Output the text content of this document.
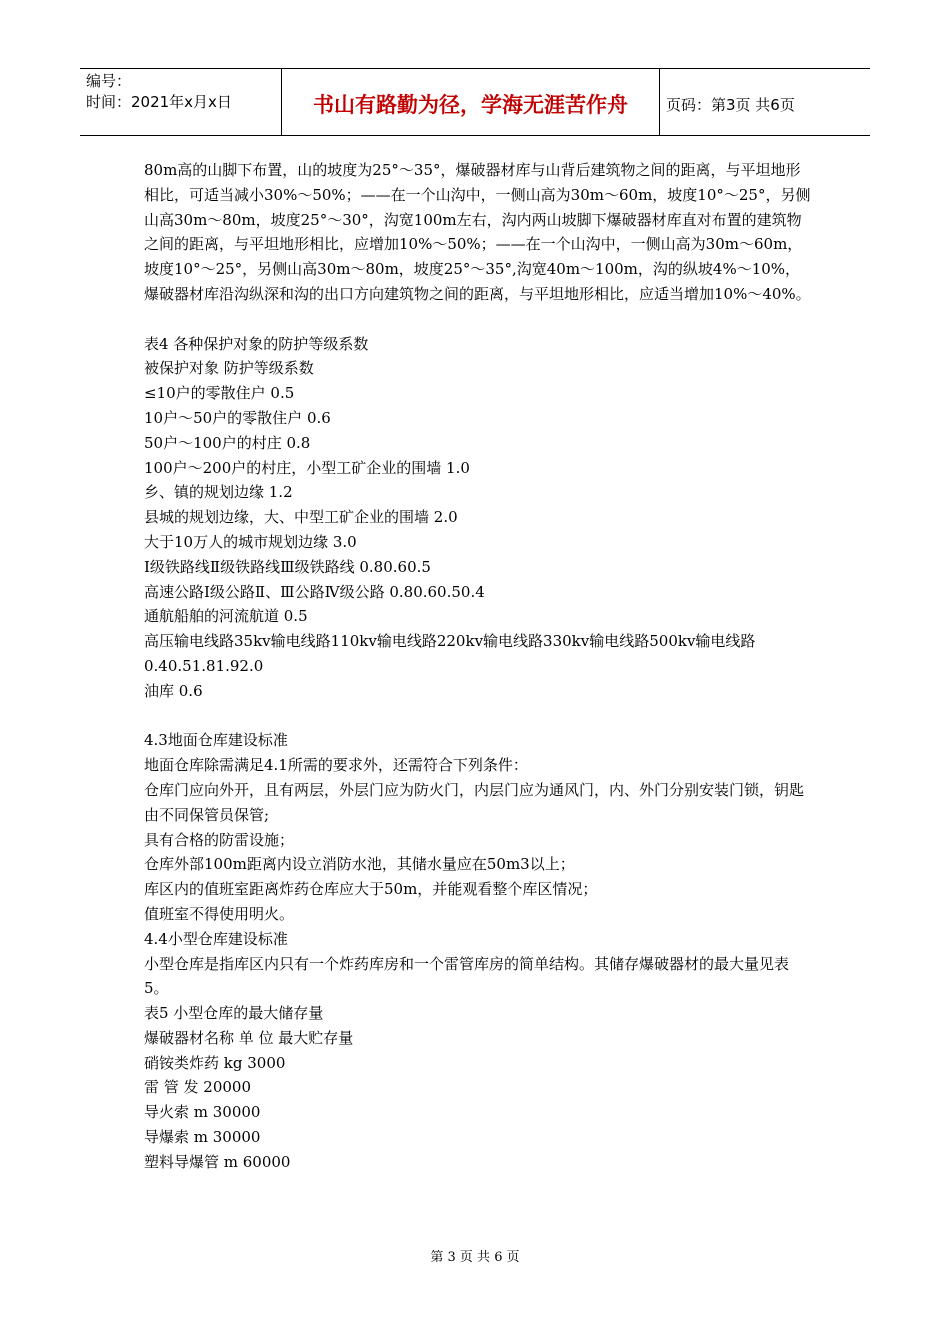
编号：
时间：2021年x月x日	书山有路勤为径，学海无涯苦作舟	页码：第3页 共6页

80m高的山脚下布置，山的坡度为25°～35°，爆破器材库与山背后建筑物之间的距离，与平坦地形相比，可适当减小30%～50%；——在一个山沟中，一侧山高为30m～60m，坡度10°～25°，另侧山高30m～80m，坡度25°～30°，沟宽100m左右，沟内两山坡脚下爆破器材库直对布置的建筑物之间的距离，与平坦地形相比，应增加10%～50%；——在一个山沟中，一侧山高为30m～60m，坡度10°～25°，另侧山高30m～80m，坡度25°～35°,沟宽40m～100m，沟的纵坡4%～10%，爆破器材库沿沟纵深和沟的出口方向建筑物之间的距离，与平坦地形相比，应适当增加10%～40%。

表4 各种保护对象的防护等级系数

被保护对象 防护等级系数

≤10户的零散住户 0.5

10户～50户的零散住户 0.6

50户～100户的村庄 0.8

100户～200户的村庄，小型工矿企业的围墙 1.0

乡、镇的规划边缘 1.2

县城的规划边缘，大、中型工矿企业的围墙 2.0

大于10万人的城市规划边缘 3.0

Ⅰ级铁路线Ⅱ级铁路线Ⅲ级铁路线 0.80.60.5

高速公路Ⅰ级公路Ⅱ、Ⅲ公路Ⅳ级公路 0.80.60.50.4

通航船舶的河流航道 0.5

高压输电线路35kv输电线路110kv输电线路220kv输电线路330kv输电线路500kv输电线路 0.40.51.81.92.0

油库 0.6

4.3地面仓库建设标准

地面仓库除需满足4.1所需的要求外，还需符合下列条件：

仓库门应向外开，且有两层，外层门应为防火门，内层门应为通风门，内、外门分别安装门锁，钥匙由不同保管员保管;

具有合格的防雷设施；

仓库外部100m距离内设立消防水池，其储水量应在50m3以上；

库区内的值班室距离炸药仓库应大于50m，并能观看整个库区情况；

值班室不得使用明火。

4.4小型仓库建设标准

小型仓库是指库区内只有一个炸药库房和一个雷管库房的简单结构。其储存爆破器材的最大量见表5。

表5 小型仓库的最大储存量

爆破器材名称 单 位 最大贮存量

硝铵类炸药 kg 3000

雷 管 发 20000

导火索 m 30000

导爆索 m 30000

塑料导爆管 m 60000

第 3 页 共 6 页
